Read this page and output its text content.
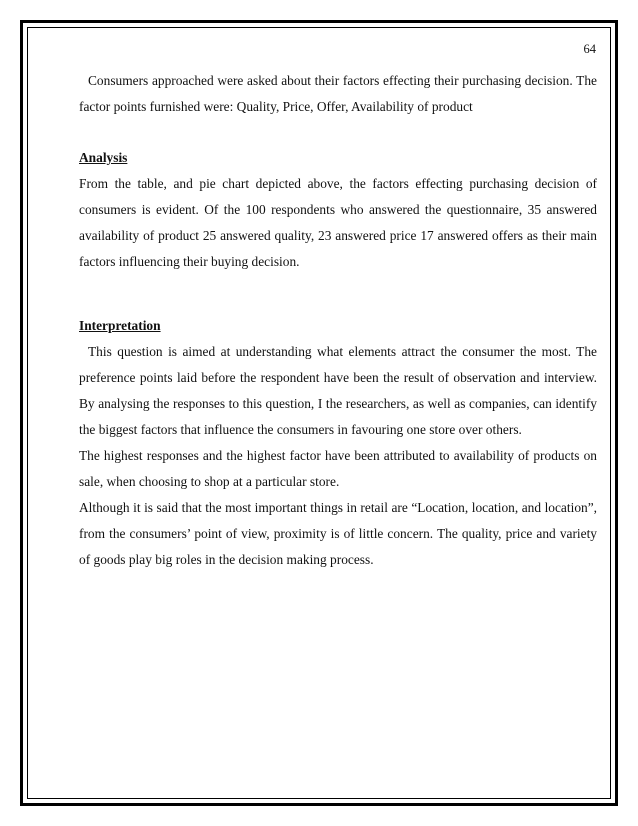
64

Consumers approached were asked about their factors effecting their purchasing decision. The factor points furnished were: Quality, Price, Offer, Availability of product

Analysis

From the table, and pie chart depicted above, the factors effecting purchasing decision of consumers is evident. Of the 100 respondents who answered the questionnaire, 35 answered availability of product 25 answered quality, 23 answered price 17 answered offers as their main factors influencing their buying decision.

Interpretation

This question is aimed at understanding what elements attract the consumer the most. The preference points laid before the respondent have been the result of observation and interview. By analysing the responses to this question, I the researchers, as well as companies, can identify the biggest factors that influence the consumers in favouring one store over others.

The highest responses and the highest factor have been attributed to availability of products on sale, when choosing to shop at a particular store.

Although it is said that the most important things in retail are “Location, location, and location”, from the consumers’ point of view, proximity is of little concern. The quality, price and variety of goods play big roles in the decision making process.
